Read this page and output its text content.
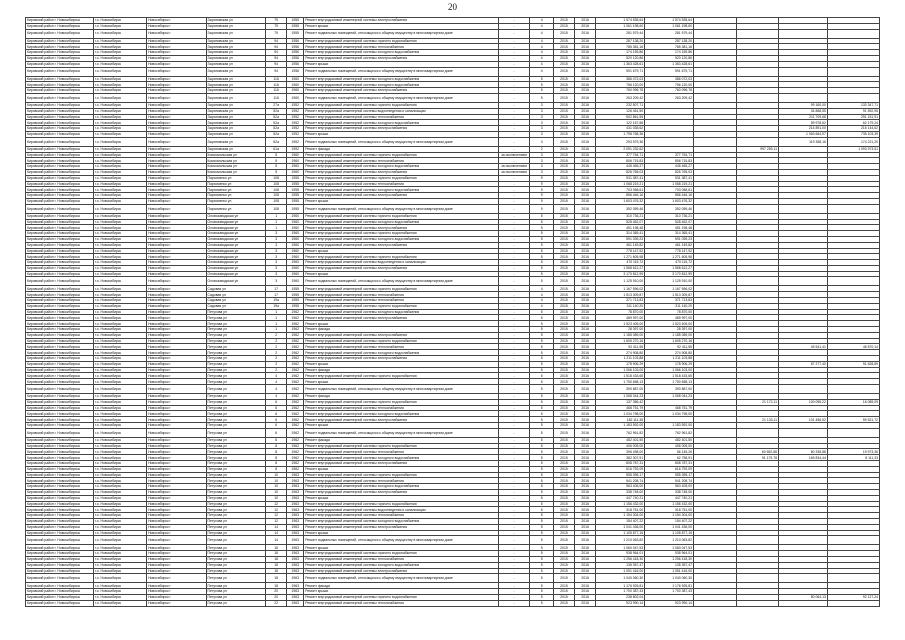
20
Кировский район г. Новосибирска	г.о. Новосибирск	Новосибирск г	Зыряновская ул	79	1955	Ремонт внутридомовой инженерной системы электроснабжения	-	4	2015	2016	1 574 535,64	1 574 535,64				
Кировский район г. Новосибирска	г.о. Новосибирск	Новосибирск г	Зыряновская ул	79	1955	Ремонт крыши	-	4	2015	2016	1 061 198,60	1 061 198,60				
Кировский район г. Новосибирска	г.о. Новосибирск	Новосибирск г	Зыряновская ул	79	1955	Ремонт подвальных помещений, относящихся к общему имуществу в многоквартирном доме	-	4	2015	2016	281 579,44	281 579,44				
Кировский район г. Новосибирска	г.о. Новосибирск	Новосибирск г	Зыряновская ул	94	1956	Ремонт внутридомовой инженерной системы горячего водоснабжения	-	4	2015	2016	287 138,20	287 138,20				
Кировский район г. Новосибирска	г.о. Новосибирск	Новосибирск г	Зыряновская ул	94	1956	Ремонт внутридомовой инженерной системы теплоснабжения	-	4	2015	2016	785 381,16	785 381,16				
Кировский район г. Новосибирска	г.о. Новосибирск	Новосибирск г	Зыряновская ул	94	1956	Ремонт внутридомовой инженерной системы холодного водоснабжения	-	4	2015	2016	174 159,86	174 159,86				
Кировский район г. Новосибирска	г.о. Новосибирск	Новосибирск г	Зыряновская ул	94	1956	Ремонт внутридомовой инженерной системы электроснабжения	-	4	2015	2016	520 120,86	520 120,86				
Кировский район г. Новосибирска	г.о. Новосибирск	Новосибирск г	Зыряновская ул	94	1956	Ремонт крыши	-	4	2015	2016	1 363 428,61	1 363 428,61				
Кировский район г. Новосибирска	г.о. Новосибирск	Новосибирск г	Зыряновская ул	94	1956	Ремонт подвальных помещений, относящихся к общему имуществу в многоквартирном доме	-	4	2015	2016	591 679,71	591 679,71				
Кировский район г. Новосибирска	г.о. Новосибирск	Новосибирск г	Зыряновская ул	116	1960	Ремонт внутридомовой инженерной системы холодного водоснабжения	-	5	2015	2016	386 072,03	386 072,03				
Кировский район г. Новосибирска	г.о. Новосибирск	Новосибирск г	Зыряновская ул	116	1960	Ремонт внутридомовой инженерной системы холодного водоснабжения	-	5	2015	2016	756 120,00	756 120,00				
Кировский район г. Новосибирска	г.о. Новосибирск	Новосибирск г	Зыряновская ул	116	1960	Ремонт внутридомовой инженерной системы электроснабжения	-	5	2015	2016	760 096,78	760 096,78				
Кировский район г. Новосибирска	г.о. Новосибирск	Новосибирск г	Зыряновская ул	116	1960	Ремонт подвальных помещений, относящихся к общему имуществу в многоквартирном доме	-	5	2015	2016	263 209,42	263 209,42				
Кировский район г. Новосибирска	г.о. Новосибирск	Новосибирск г	Зыряновская ул	27а	1952	Ремонт внутридомовой инженерной системы горячего водоснабжения	-	3	2015	2016	232 507,71				99 160,00	133 347,71
Кировский район г. Новосибирска	г.о. Новосибирск	Новосибирск г	Зыряновская ул	52а	1952	Ремонт внутридомовой инженерной системы водоотведения и канализации	-	3	2015	2016	126 461,50				34 868,55	91 592,95
Кировский район г. Новосибирска	г.о. Новосибирск	Новосибирск г	Зыряновская ул	52а	1952	Ремонт внутридомовой инженерной системы теплоснабжения	-	3	2015	2016	502 861,59				211 709,68	291 151,91
Кировский район г. Новосибирска	г.о. Новосибирск	Новосибирск г	Зыряновская ул	52а	1952	Ремонт внутридомовой инженерной системы холодного водоснабжения	-	3	2015	2016	122 157,86				59 978,62	62 179,24
Кировский район г. Новосибирска	г.о. Новосибирск	Новосибирск г	Зыряновская ул	52а	1952	Ремонт внутридомовой инженерной системы электроснабжения	-	3	2015	2016	431 035,62				214 891,00	216 144,62
Кировский район г. Новосибирска	г.о. Новосибирск	Новосибирск г	Зыряновская ул	52а	1952	Ремонт крыши	-	3	2015	2016	1 798 768,36				1 063 664,97	735 103,39
Кировский район г. Новосибирска	г.о. Новосибирск	Новосибирск г	Зыряновская ул	52а	1952	Ремонт подвальных помещений, относящихся к общему имуществу в многоквартирном доме	-	3	2015	2016	293 579,36				119 358,16	174 221,20
Кировский район г. Новосибирска	г.о. Новосибирск	Новосибирск г	Зыряновская ул	61а	1952	Ремонт фасада	-	2	2015	2016	2 091 232,62			997 259,11		1 093 973,51
Кировский район г. Новосибирска	г.о. Новосибирск	Новосибирск г	Комсомольская ул	5	1960	Ремонт внутридомовой инженерной системы горячего водоснабжения	за исключением	3	2015	2016	377 754,71	377 754,71				
Кировский район г. Новосибирска	г.о. Новосибирск	Новосибирск г	Комсомольская ул	5	1960	Ремонт внутридомовой инженерной системы теплоснабжения	-	3	2015	2016	806 715,83	806 715,83				
Кировский район г. Новосибирска	г.о. Новосибирск	Новосибирск г	Комсомольская ул	5	1960	Ремонт внутридомовой инженерной системы холодного водоснабжения	за исключением	3	2015	2016	445 465,27	445 465,27				
Кировский район г. Новосибирска	г.о. Новосибирск	Новосибирск г	Комсомольская ул	5	1960	Ремонт внутридомовой инженерной системы электроснабжения	за исключением	3	2015	2016	826 765,03	826 765,03				
Кировский район г. Новосибирска	г.о. Новосибирск	Новосибирск г	Пархоменко ул	108	1955	Ремонт внутридомовой инженерной системы горячего водоснабжения	-	9	2015	2016	531 387,41	531 387,41				
Кировский район г. Новосибирска	г.о. Новосибирск	Новосибирск г	Пархоменко ул	108	1955	Ремонт внутридомовой инженерной системы теплоснабжения	-	9	2015	2016	1 068 219,21	1 068 219,21				
Кировский район г. Новосибирска	г.о. Новосибирск	Новосибирск г	Пархоменко ул	108	1955	Ремонт внутридомовой инженерной системы холодного водоснабжения	-	9	2015	2016	703 058,61	703 058,61				
Кировский район г. Новосибирска	г.о. Новосибирск	Новосибирск г	Пархоменко ул	108	1955	Ремонт внутридомовой инженерной системы электроснабжения	-	9	2015	2016	856 446,16	856 446,16				
Кировский район г. Новосибирска	г.о. Новосибирск	Новосибирск г	Пархоменко ул	108	1955	Ремонт крыши	-	9	2015	2016	1 603 476,32	1 603 476,32				
Кировский район г. Новосибирска	г.о. Новосибирск	Новосибирск г	Пархоменко ул	108	1955	Ремонт подвальных помещений, относящихся к общему имуществу в многоквартирном доме	-	9	2015	2016	352 059,46	352 059,46				
Кировский район г. Новосибирска	г.о. Новосибирск	Новосибирск г	Оловозаводская ул	1	1960	Ремонт внутридомовой инженерной системы горячего водоснабжения	-	5	2015	2016	310 736,21	310 736,21				
Кировский район г. Новосибирска	г.о. Новосибирск	Новосибирск г	Оловозаводская ул	1	1960	Ремонт внутридомовой инженерной системы холодного водоснабжения	-	5	2015	2016	528 462,07	528 462,07				
Кировский район г. Новосибирска	г.о. Новосибирск	Новосибирск г	Оловозаводская ул	1	1960	Ремонт внутридомовой инженерной системы электроснабжения	-	5	2015	2016	451 198,48	451 198,48				
Кировский район г. Новосибирска	г.о. Новосибирск	Новосибирск г	Оловозаводская ул	3	1960	Ремонт внутридомовой инженерной системы горячего водоснабжения	-	5	2015	2016	314 365,41	314 365,41				
Кировский район г. Новосибирска	г.о. Новосибирск	Новосибирск г	Оловозаводская ул	3	1960	Ремонт внутридомовой инженерной системы холодного водоснабжения	-	5	2015	2016	591 039,23	591 039,23				
Кировский район г. Новосибирска	г.о. Новосибирск	Новосибирск г	Оловозаводская ул	3	1960	Ремонт внутридомовой инженерной системы электроснабжения	-	5	2015	2016	461 149,82	461 149,82				
Кировский район г. Новосибирска	г.о. Новосибирск	Новосибирск г	Оловозаводская ул	3	1960	Ремонт крыши	-	5	2015	2016	778 147,92	778 147,92				
Кировский район г. Новосибирска	г.о. Новосибирск	Новосибирск г	Оловозаводская ул	3	1960	Ремонт внутридомовой инженерной системы горячего водоснабжения	-	5	2015	2016	1 271 605,98	1 271 605,98				
Кировский район г. Новосибирска	г.о. Новосибирск	Новосибирск г	Оловозаводская ул	3	1960	Ремонт внутридомовой инженерной системы водоотведения и канализации	-	5	2015	2016	470 115,72	470 115,72				
Кировский район г. Новосибирска	г.о. Новосибирск	Новосибирск г	Оловозаводская ул	3	1960	Ремонт внутридомовой инженерной системы электроснабжения	-	5	2015	2016	1 568 612,27	1 568 612,27				
Кировский район г. Новосибирска	г.о. Новосибирск	Новосибирск г	Оловозаводская ул	3	1960	Ремонт крыши	-	5	2015	2016	3 170 812,99	3 170 812,99				
Кировский район г. Новосибирска	г.о. Новосибирск	Новосибирск г	Оловозаводская ул	3	1960	Ремонт подвальных помещений, относящихся к общему имуществу в многоквартирном доме	-	5	2015	2016	1 125 910,00	1 125 910,00				
Кировский район г. Новосибирска	г.о. Новосибирск	Новосибирск г	Садовая ул	17	1955	Ремонт внутридомовой инженерной системы горячего водоснабжения	-	4	2015	2016	1 167 596,02	1 167 596,02				
Кировский район г. Новосибирска	г.о. Новосибирск	Новосибирск г	Садовая ул	17	1955	Ремонт внутридомовой инженерной системы теплоснабжения	-	4	2015	2016	1 513 309,87	1 513 309,87				
Кировский район г. Новосибирска	г.о. Новосибирск	Новосибирск г	Садовая ул	19а	1955	Ремонт внутридомовой инженерной системы теплоснабжения	-	4	2015	2016	371 713,83	371 713,83				
Кировский район г. Новосибирска	г.о. Новосибирск	Новосибирск г	Садовая ул	19а	1955	Ремонт внутридомовой инженерной системы горячего водоснабжения	-	4	2015	2016	311 140,20	311 140,20				
Кировский район г. Новосибирска	г.о. Новосибирск	Новосибирск г	Петухова ул	1	1962	Ремонт внутридомовой инженерной системы холодного водоснабжения	-	5	2015	2016	78 870,00	78 870,00				
Кировский район г. Новосибирска	г.о. Новосибирск	Новосибирск г	Петухова ул	1	1962	Ремонт внутридомовой инженерной системы электроснабжения	-	5	2015	2016	489 997,00	489 997,00				
Кировский район г. Новосибирска	г.о. Новосибирск	Новосибирск г	Петухова ул	1	1962	Ремонт крыши	-	5	2015	2016	1 523 405,00	1 523 405,00				
Кировский район г. Новосибирска	г.о. Новосибирск	Новосибирск г	Петухова ул	1	1962	Ремонт фасада	-	5	2015	2016	28 397,00	28 397,00				
Кировский район г. Новосибирска	г.о. Новосибирск	Новосибирск г	Петухова ул	2	1962	Ремонт внутридомовой инженерной системы электроснабжения	-	5	2015	2016	1 185 089,00	1 185 089,00				
Кировский район г. Новосибирска	г.о. Новосибирск	Новосибирск г	Петухова ул	2	1962	Ремонт внутридомовой инженерной системы горячего водоснабжения	-	5	2015	2016	1 605 270,16	1 605 270,16				
Кировский район г. Новосибирска	г.о. Новосибирск	Новосибирск г	Петухова ул	2	1962	Ремонт внутридомовой инженерной системы теплоснабжения	-	5	2015	2016	92 411,55	92 411,55			45 541,41	46 870,14
Кировский район г. Новосибирска	г.о. Новосибирск	Новосибирск г	Петухова ул	2	1962	Ремонт внутридомовой инженерной системы холодного водоснабжения	-	5	2015	2016	274 908,80	274 908,80				
Кировский район г. Новосибирска	г.о. Новосибирск	Новосибирск г	Петухова ул	2	1962	Ремонт внутридомовой инженерной системы электроснабжения	-	5	2015	2016	1 211 103,88	1 211 103,88				
Кировский район г. Новосибирска	г.о. Новосибирск	Новосибирск г	Петухова ул	2	1962	Ремонт крыши	-	5	2015	2016	178 906,29	178 906,29			87 277,40	91 628,89
Кировский район г. Новосибирска	г.о. Новосибирск	Новосибирск г	Петухова ул	2	1962	Ремонт фасада	-	5	2015	2016	1 066 103,00	1 066 103,00				
Кировский район г. Новосибирска	г.о. Новосибирск	Новосибирск г	Петухова ул	4	1962	Ремонт внутридомовой инженерной системы горячего водоснабжения	-	5	2015	2016	1 518 433,65	1 518 433,65				
Кировский район г. Новосибирска	г.о. Новосибирск	Новосибирск г	Петухова ул	4	1962	Ремонт крыши	-	5	2015	2016	1 750 658,13	1 750 658,13				
Кировский район г. Новосибирска	г.о. Новосибирск	Новосибирск г	Петухова ул	4	1962	Ремонт подвальных помещений, относящихся к общему имуществу в многоквартирном доме	-	5	2015	2016	390 887,00	390 887,00				
Кировский район г. Новосибирска	г.о. Новосибирск	Новосибирск г	Петухова ул	4	1962	Ремонт фасада	-	5	2015	2016	1 068 044,23	1 068 044,23				
Кировский район г. Новосибирска	г.о. Новосибирск	Новосибирск г	Петухова ул	6	1962	Ремонт внутридомовой инженерной системы горячего водоснабжения	-	5	2015	2016	137 356,42			21 172,11	100 095,22	16 089,09
Кировский район г. Новосибирска	г.о. Новосибирск	Новосибирск г	Петухова ул	6	1962	Ремонт внутридомовой инженерной системы теплоснабжения	-	5	2015	2016	468 751,79	468 751,79				
Кировский район г. Новосибирска	г.о. Новосибирск	Новосибирск г	Петухова ул	6	1962	Ремонт внутридомовой инженерной системы холодного водоснабжения	-	5	2015	2016	1 034 798,00	1 034 798,00				
Кировский район г. Новосибирска	г.о. Новосибирск	Новосибирск г	Петухова ул	6	1962	Ремонт внутридомовой инженерной системы электроснабжения	-	5	2015	2016	182 111,35			21 133,11	101 456,52	59 521,72
Кировский район г. Новосибирска	г.о. Новосибирск	Новосибирск г	Петухова ул	6	1962	Ремонт крыши	-	5	2015	2016	1 183 592,00	1 183 592,00				
Кировский район г. Новосибирска	г.о. Новосибирск	Новосибирск г	Петухова ул	6	1962	Ремонт подвальных помещений, относящихся к общему имуществу в многоквартирном доме	-	5	2015	2016	762 961,82	762 961,82				
Кировский район г. Новосибирска	г.о. Новосибирск	Новосибирск г	Петухова ул	6	1962	Ремонт фасада	-	5	2015	2016	482 401,50	482 401,50				
Кировский район г. Новосибирска	г.о. Новосибирск	Новосибирск г	Петухова ул	8	1962	Ремонт внутридомовой инженерной системы горячего водоснабжения	-	5	2015	2016	406 005,00	406 005,00				
Кировский район г. Новосибирска	г.о. Новосибирск	Новосибирск г	Петухова ул	8	1962	Ремонт внутридомовой инженерной системы теплоснабжения	-	5	2015	2016	396 498,00	56 145,26		60 652,88	80 335,88	19 973,36
Кировский район г. Новосибирска	г.о. Новосибирск	Новосибирск г	Петухова ул	8	1962	Ремонт внутридомовой инженерной системы холодного водоснабжения	-	5	2015	2016	382 307,91	62 758,91		91 179,78	169 834,44	8 111,33
Кировский район г. Новосибирска	г.о. Новосибирск	Новосибирск г	Петухова ул	8	1962	Ремонт внутридомовой инженерной системы электроснабжения	-	5	2015	2016	808 787,31	808 787,31				
Кировский район г. Новосибирска	г.о. Новосибирск	Новосибирск г	Петухова ул	8	1962	Ремонт крыши	-	5	2015	2016	616 792,09	616 792,09				
Кировский район г. Новосибирска	г.о. Новосибирск	Новосибирск г	Петухова ул	10	1963	Ремонт внутридомовой инженерной системы горячего водоснабжения	-	5	2015	2016	555 395,17	555 395,17				
Кировский район г. Новосибирска	г.о. Новосибирск	Новосибирск г	Петухова ул	10	1963	Ремонт внутридомовой инженерной системы теплоснабжения	-	5	2015	2016	541 208,74	541 208,74				
Кировский район г. Новосибирска	г.о. Новосибирск	Новосибирск г	Петухова ул	10	1963	Ремонт внутридомовой инженерной системы холодного водоснабжения	-	5	2015	2016	563 405,00	563 405,00				
Кировский район г. Новосибирска	г.о. Новосибирск	Новосибирск г	Петухова ул	10	1963	Ремонт внутридомовой инженерной системы электроснабжения	-	5	2015	2016	338 748,00	338 748,00				
Кировский район г. Новосибирска	г.о. Новосибирск	Новосибирск г	Петухова ул	10	1963	Ремонт крыши	-	5	2015	2016	447 740,21	447 740,21				
Кировский район г. Новосибирска	г.о. Новосибирск	Новосибирск г	Петухова ул	12	1963	Ремонт внутридомовой инженерной системы горячего водоснабжения	-	5	2015	2016	1 156 432,00	1 156 432,00				
Кировский район г. Новосибирска	г.о. Новосибирск	Новосибирск г	Петухова ул	12	1963	Ремонт внутридомовой инженерной системы водоотведения и канализации	-	5	2015	2016	318 751,00	318 751,00				
Кировский район г. Новосибирска	г.о. Новосибирск	Новосибирск г	Петухова ул	12	1963	Ремонт внутридомовой инженерной системы теплоснабжения	-	5	2015	2016	1 154 304,00	1 154 304,00				
Кировский район г. Новосибирска	г.о. Новосибирск	Новосибирск г	Петухова ул	12	1963	Ремонт внутридомовой инженерной системы холодного водоснабжения	-	5	2015	2016	154 407,22	154 407,22				
Кировский район г. Новосибирска	г.о. Новосибирск	Новосибирск г	Петухова ул	14	1963	Ремонт внутридомовой инженерной системы электроснабжения	-	5	2015	2016	1 041 436,00	1 041 436,00				
Кировский район г. Новосибирска	г.о. Новосибирск	Новосибирск г	Петухова ул	14	1963	Ремонт крыши	-	5	2015	2016	1 105 877,15	1 105 877,15				
Кировский район г. Новосибирска	г.о. Новосибирск	Новосибирск г	Петухова ул	14	1963	Ремонт подвальных помещений, относящихся к общему имуществу в многоквартирном доме	-	5	2015	2016	1 210 063,82	1 210 063,82				
Кировский район г. Новосибирска	г.о. Новосибирск	Новосибирск г	Петухова ул	16	1963	Ремонт крыши	-	5	2015	2016	1 060 047,53	1 060 047,53				
Кировский район г. Новосибирска	г.о. Новосибирск	Новосибирск г	Петухова ул	16	1963	Ремонт внутридомовой инженерной системы горячего водоснабжения	-	5	2015	2016	938 964,01	938 964,01				
Кировский район г. Новосибирска	г.о. Новосибирск	Новосибирск г	Петухова ул	18	1963	Ремонт внутридомовой инженерной системы теплоснабжения	-	5	2015	2016	1 256 418,30	1 256 418,30				
Кировский район г. Новосибирска	г.о. Новосибирск	Новосибирск г	Петухова ул	18	1963	Ремонт внутридомовой инженерной системы холодного водоснабжения	-	5	2015	2016	135 357,47	135 357,47				
Кировский район г. Новосибирска	г.о. Новосибирск	Новосибирск г	Петухова ул	18	1963	Ремонт внутридомовой инженерной системы электроснабжения	-	5	2015	2016	1 051 416,00	1 051 416,00				
Кировский район г. Новосибирска	г.о. Новосибирск	Новосибирск г	Петухова ул	18	1963	Ремонт подвальных помещений, относящихся к общему имуществу в многоквартирном доме	-	5	2015	2016	1 040 060,30	1 040 060,30				
Кировский район г. Новосибирска	г.о. Новосибирск	Новосибирск г	Петухова ул	18	1963	Ремонт фасада	-	5	2015	2016	1 176 925,81	1 176 925,81				
Кировский район г. Новосибирска	г.о. Новосибирск	Новосибирск г	Петухова ул	20	1963	Ремонт крыши	-	5	2015	2016	1 700 387,43	1 700 387,43				
Кировский район г. Новосибирска	г.о. Новосибирск	Новосибирск г	Петухова ул	20	1963	Ремонт внутридомовой инженерной системы горячего водоснабжения	-	5	2015	2016	238 802,04				80 064,13	92 127,24
Кировский район г. Новосибирска	г.о. Новосибирск	Новосибирск г	Петухова ул	22	1963	Ремонт внутридомовой инженерной системы теплоснабжения	-	5	2015	2016	923 990,14	923 990,14				
